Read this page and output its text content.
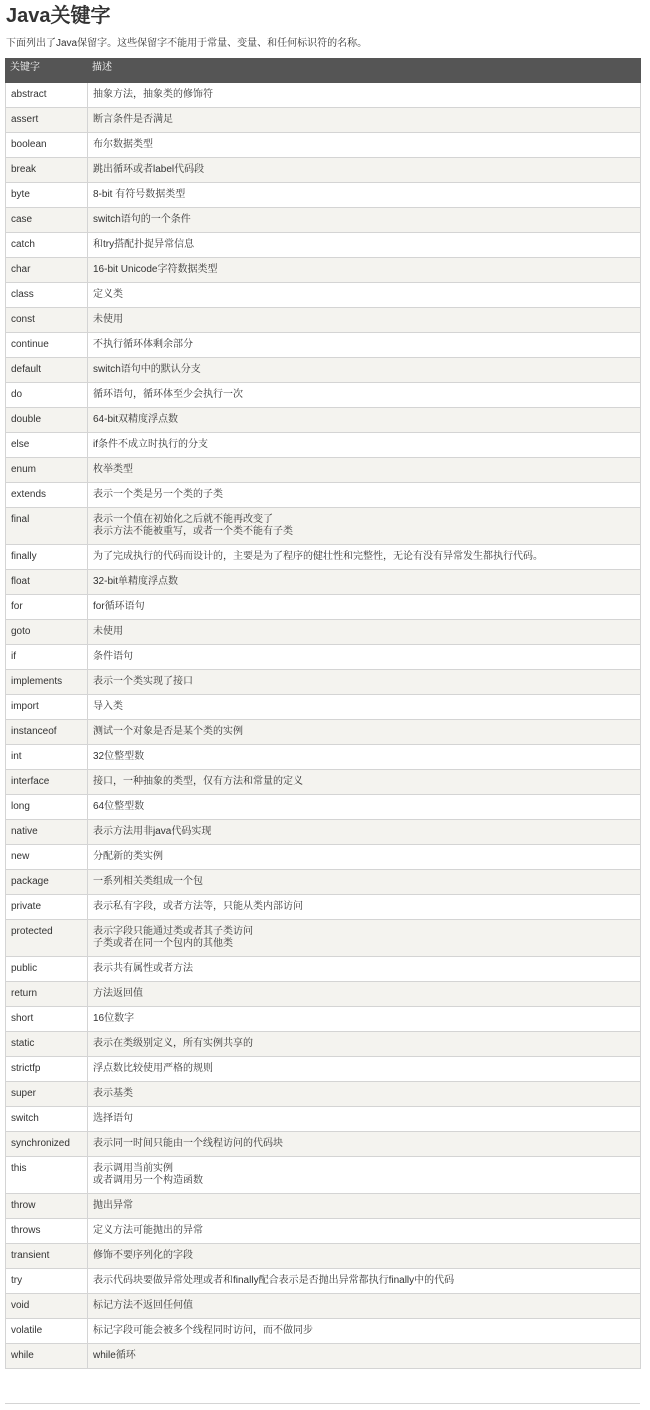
Java关键字
下面列出了Java保留字。这些保留字不能用于常量、变量、和任何标识符的名称。
关键字	描述
abstract	抽象方法，抽象类的修饰符

assert	断言条件是否满足

boolean	布尔数据类型

break	跳出循环或者label代码段

byte	8-bit 有符号数据类型

case	switch语句的一个条件

catch	和try搭配扑捉异常信息

char	16-bit Unicode字符数据类型

class	定义类

const	未使用

continue	不执行循环体剩余部分

default	switch语句中的默认分支

do	循环语句，循环体至少会执行一次

double	64-bit双精度浮点数

else	if条件不成立时执行的分支

enum	枚举类型

extends	表示一个类是另一个类的子类

final	表示一个值在初始化之后就不能再改变了
表示方法不能被重写，或者一个类不能有子类

finally	为了完成执行的代码而设计的，主要是为了程序的健壮性和完整性，无论有没有异常发生都执行代码。

float	32-bit单精度浮点数

for	for循环语句

goto	未使用

if	条件语句

implements	表示一个类实现了接口

import	导入类

instanceof	测试一个对象是否是某个类的实例

int	32位整型数

interface	接口，一种抽象的类型，仅有方法和常量的定义

long	64位整型数

native	表示方法用非java代码实现

new	分配新的类实例

package	一系列相关类组成一个包

private	表示私有字段，或者方法等，只能从类内部访问

protected	表示字段只能通过类或者其子类访问
子类或者在同一个包内的其他类

public	表示共有属性或者方法

return	方法返回值

short	16位数字

static	表示在类级别定义，所有实例共享的

strictfp	浮点数比较使用严格的规则

super	表示基类

switch	选择语句

synchronized	表示同一时间只能由一个线程访问的代码块

this	表示调用当前实例
或者调用另一个构造函数

throw	抛出异常

throws	定义方法可能抛出的异常

transient	修饰不要序列化的字段

try	表示代码块要做异常处理或者和finally配合表示是否抛出异常都执行finally中的代码

void	标记方法不返回任何值

volatile	标记字段可能会被多个线程同时访问，而不做同步

while	while循环
